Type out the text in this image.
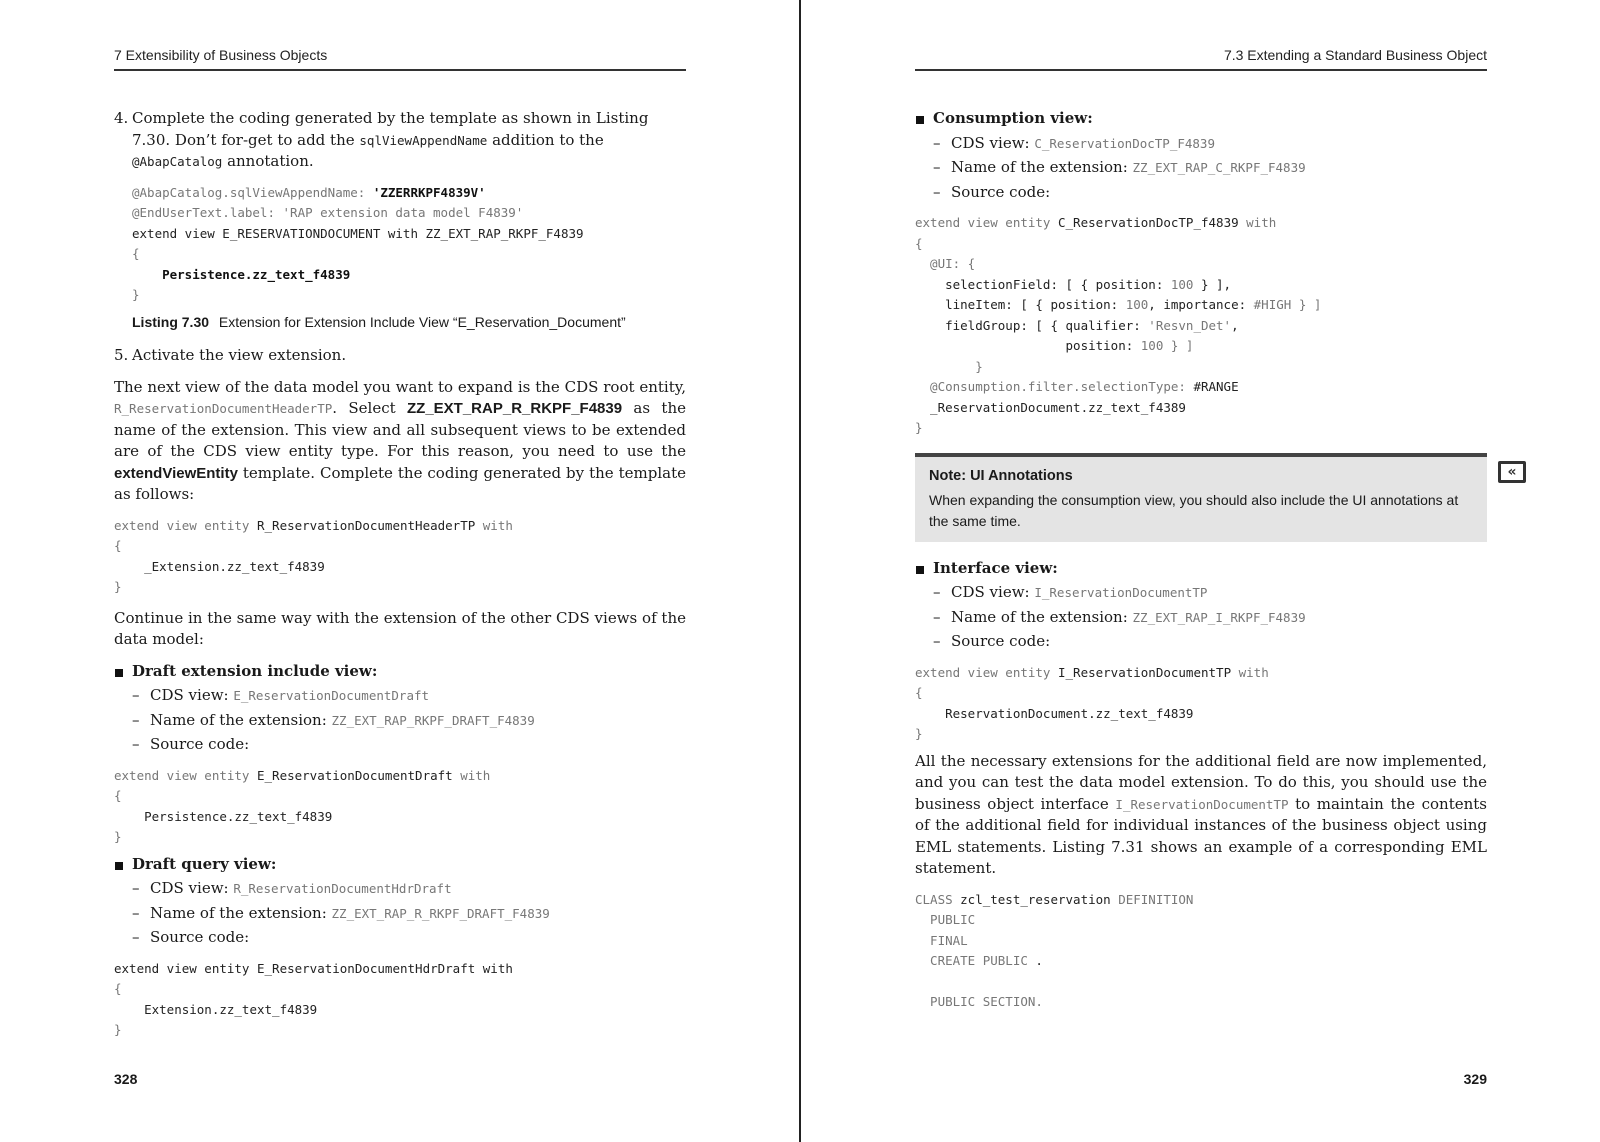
7 Extensibility of Business Objects
4. Complete the coding generated by the template as shown in Listing 7.30. Don’t for-get to add the sqlViewAppendName addition to the @AbapCatalog annotation.
@AbapCatalog.sqlViewAppendName: 'ZZERRKPF4839V'
@EndUserText.label: 'RAP extension data model F4839'
extend view E_RESERVATIONDOCUMENT with ZZ_EXT_RAP_RKPF_F4839
{
Persistence.zz_text_f4839
}
Listing 7.30 Extension for Extension Include View “E_Reservation_Document”
5. Activate the view extension.

The next view of the data model you want to expand is the CDS root entity, R_ReservationDocumentHeaderTP. Select ZZ_EXT_RAP_R_RKPF_F4839 as the name of the extension. This view and all subsequent views to be extended are of the CDS view entity type. For this reason, you need to use the extendViewEntity template. Complete the coding generated by the template as follows:

extend view entity R_ReservationDocumentHeaderTP with
{
_Extension.zz_text_f4839
}

Continue in the same way with the extension of the other CDS views of the data model:

Draft extension include view:
– CDS view: E_ReservationDocumentDraft
– Name of the extension: ZZ_EXT_RAP_RKPF_DRAFT_F4839
– Source code:
extend view entity E_ReservationDocumentDraft with
{
Persistence.zz_text_f4839
}
Draft query view:
– CDS view: R_ReservationDocumentHdrDraft
– Name of the extension: ZZ_EXT_RAP_R_RKPF_DRAFT_F4839
– Source code:
extend view entity E_ReservationDocumentHdrDraft with
{
Extension.zz_text_f4839
}
328
7.3 Extending a Standard Business Object
Consumption view:
– CDS view: C_ReservationDocTP_F4839
– Name of the extension: ZZ_EXT_RAP_C_RKPF_F4839
– Source code:
extend view entity C_ReservationDocTP_f4839 with
{
@UI: {
selectionField: [ { position: 100 } ],
lineItem: [ { position: 100, importance: #HIGH } ]
fieldGroup: [ { qualifier: 'Resvn_Det',
position: 100 } ]
}
@Consumption.filter.selectionType: #RANGE
_ReservationDocument.zz_text_f4389
}
Note: UI Annotations
When expanding the consumption view, you should also include the UI annotations at the same time.
Interface view:
– CDS view: I_ReservationDocumentTP
– Name of the extension: ZZ_EXT_RAP_I_RKPF_F4839
– Source code:
extend view entity I_ReservationDocumentTP with
{
ReservationDocument.zz_text_f4839
}

All the necessary extensions for the additional field are now implemented, and you can test the data model extension. To do this, you should use the business object interface I_ReservationDocumentTP to maintain the contents of the additional field for individual instances of the business object using EML statements. Listing 7.31 shows an example of a corresponding EML statement.

CLASS zcl_test_reservation DEFINITION
PUBLIC
FINAL
CREATE PUBLIC .

PUBLIC SECTION.
«
329
